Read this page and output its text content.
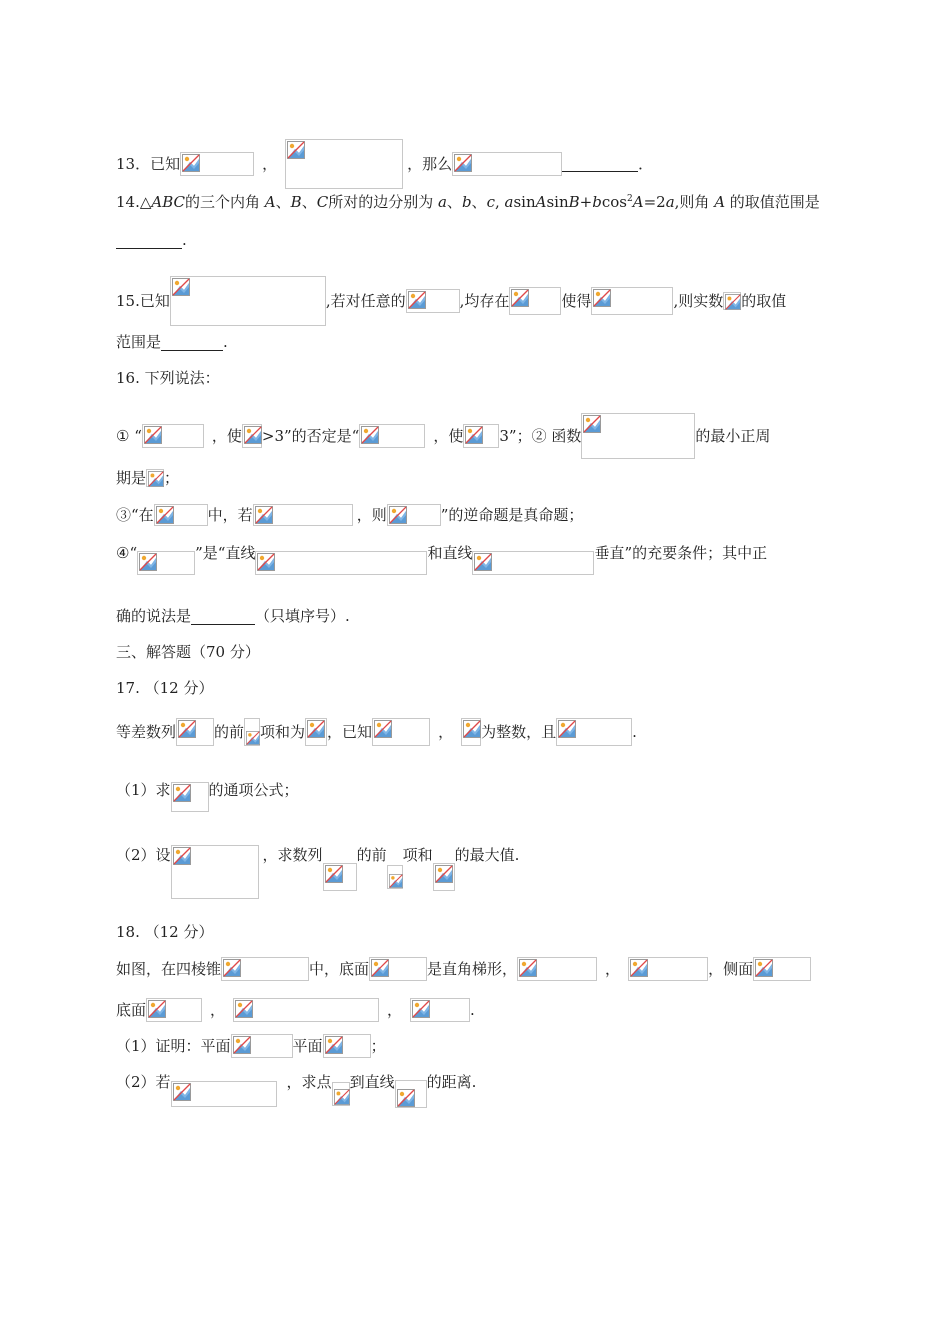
13．已知	，	，那么	．
14.△ABC的三个内角 A、B、C所对的边分别为 a、b、c, asinAsinB+bcos$^2$A=2a,则角 A 的取值范围是
.
15.已知	,若对任意的	,均存在	使得	,则实数 的取值
范围是	.
16. 下列说法：
① “	，使 >3”的否定是“	，使 3”；② 函数	的最小正周
期是 ；
③“在	中，若	，则	”的逆命题是真命题；
④“	”是“直线	和直线	垂直”的充要条件；其中正
确的说法是	（只填序号）.
三、解答题（70 分）
17. （12 分）
等差数列	的前 项和为 ，已知	， 为整数，且	.
（1）求	的通项公式；
（2）设	，求数列 的前 项和 的最大值.
18. （12 分）
如图，在四棱锥	中，底面	是直角梯形，	，	，侧面
底面	，	，	.
（1）证明：平面	平面	；
（2）若	，求点 到直线 的距离.
